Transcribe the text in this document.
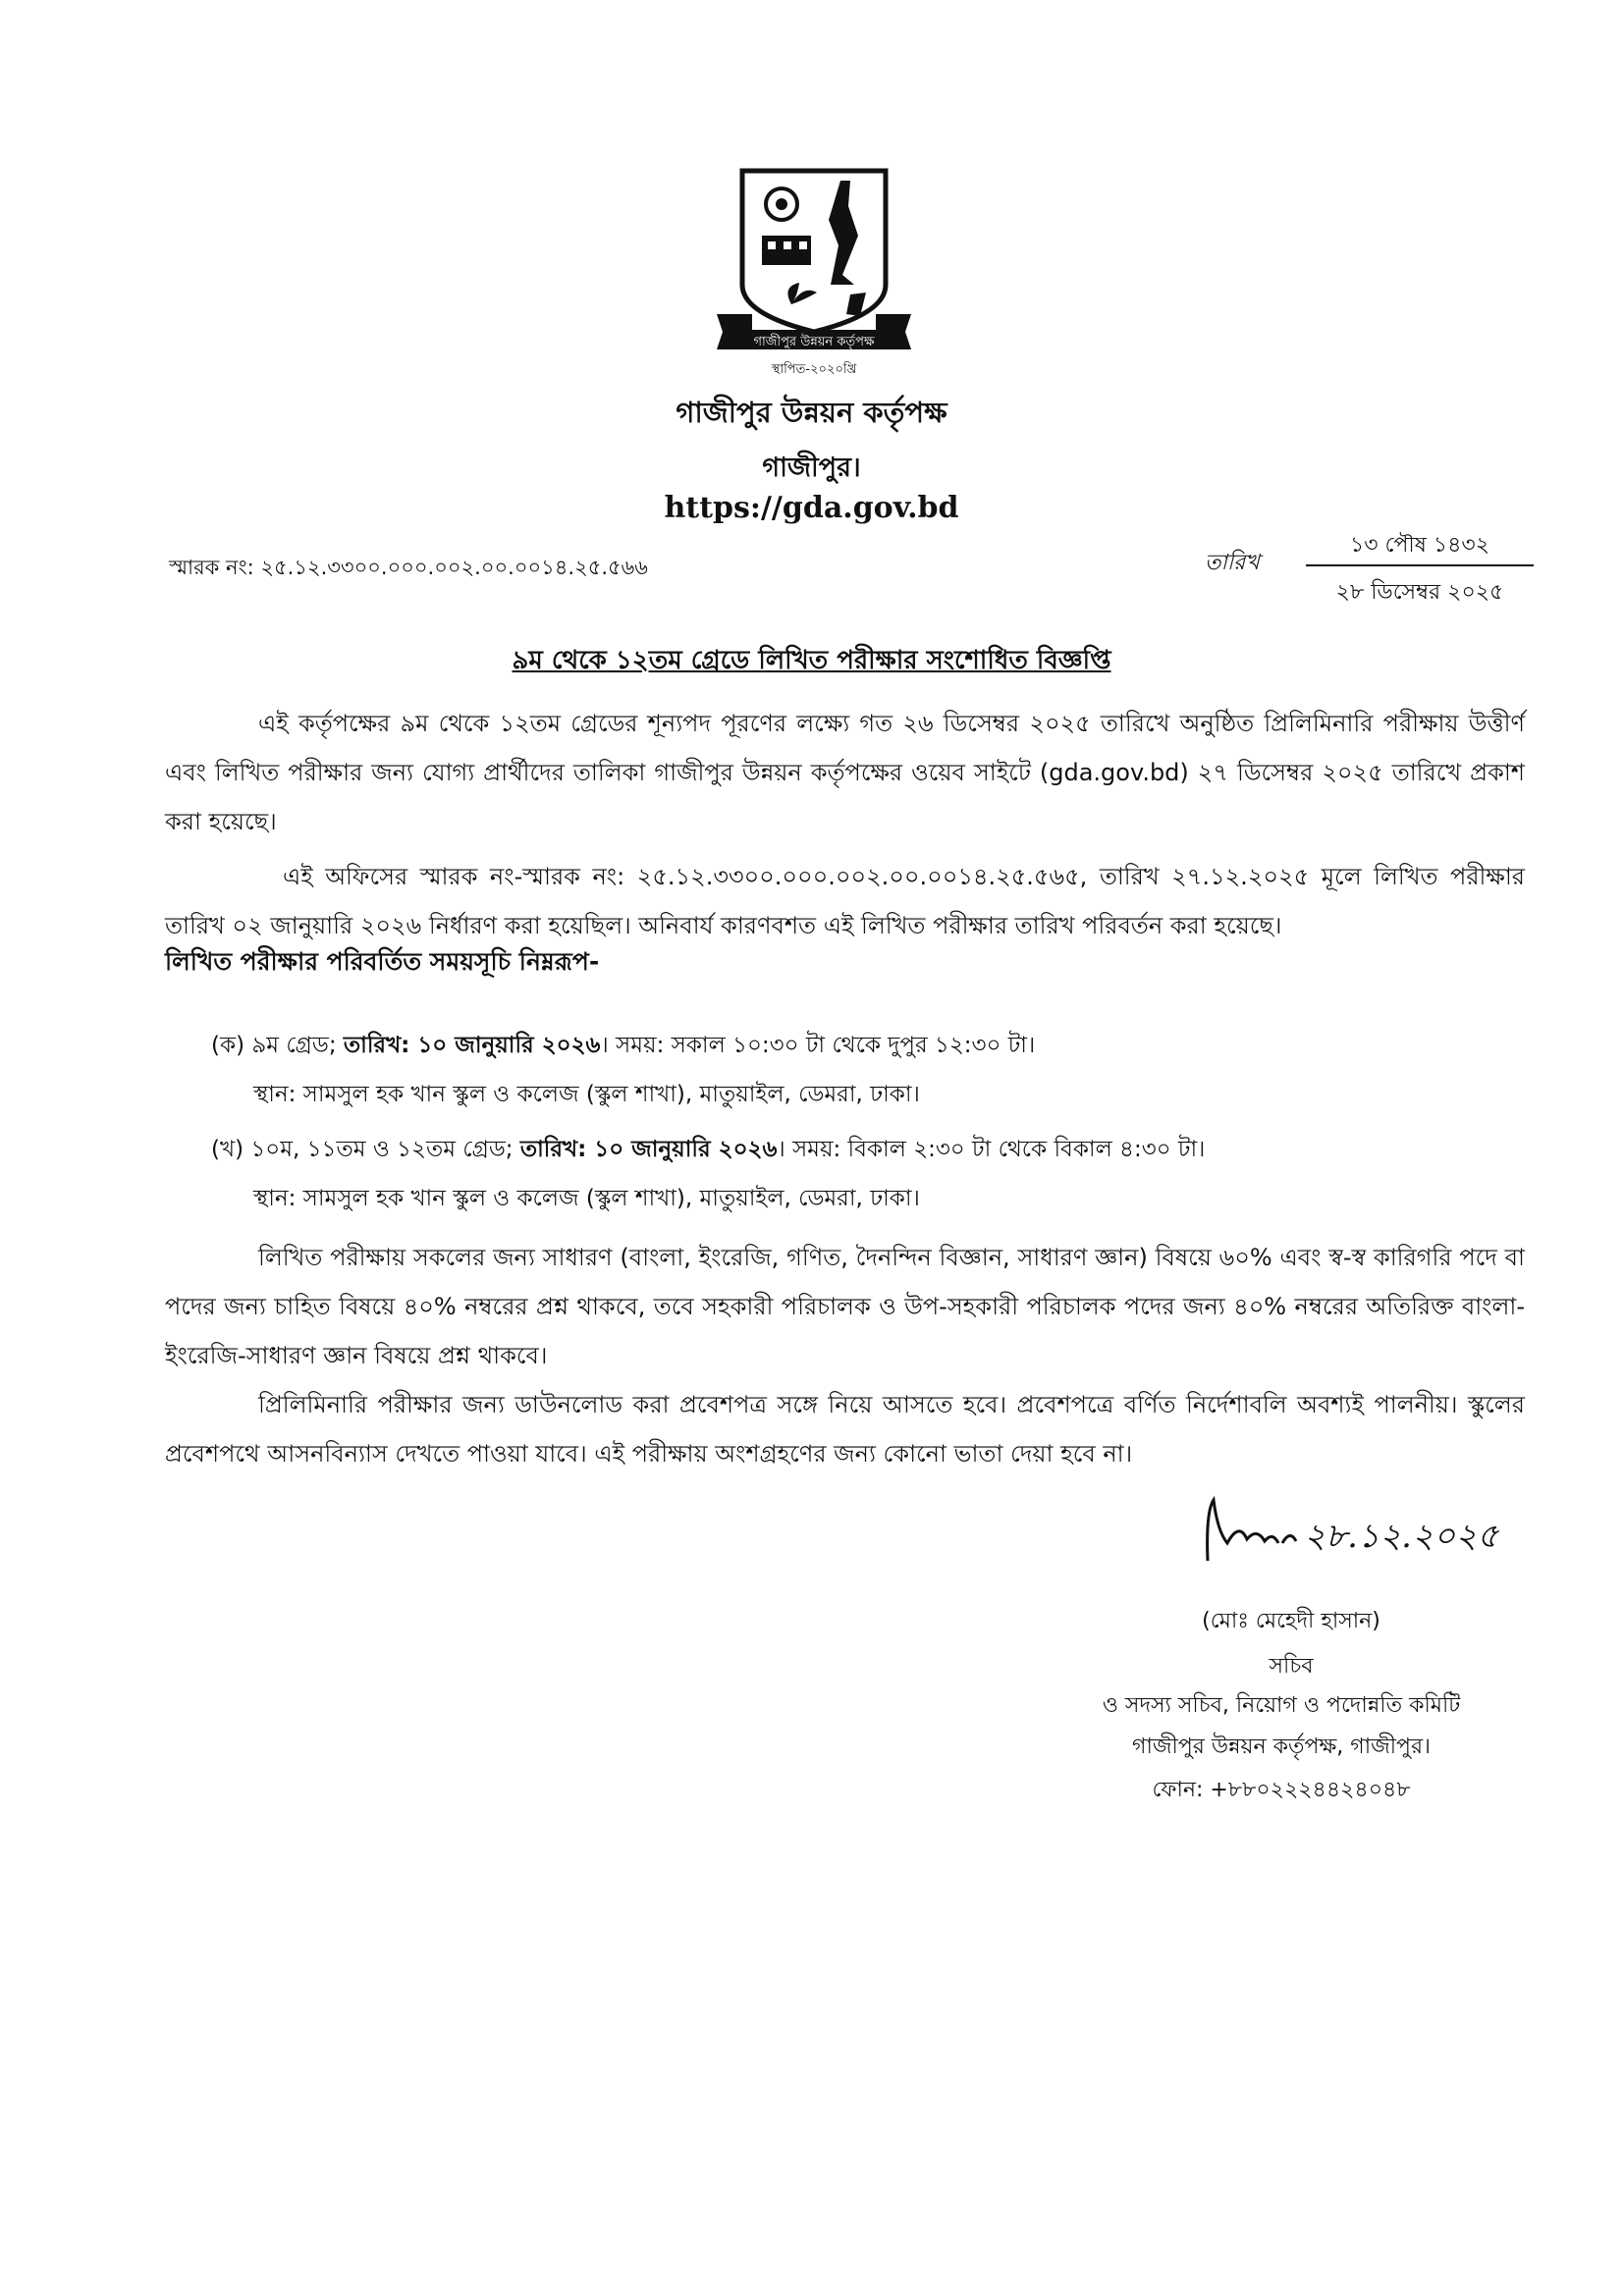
গাজীপুর উন্নয়ন কর্তৃপক্ষ
স্থাপিত-২০২০খ্রি
গাজীপুর উন্নয়ন কর্তৃপক্ষ
গাজীপুর।
https://gda.gov.bd
স্মারক নং: ২৫.১২.৩৩০০.০০০.০০২.০০.০০১৪.২৫.৫৬৬	তারিখ
১৩ পৌষ ১৪৩২
২৮ ডিসেম্বর ২০২৫
৯ম থেকে ১২তম গ্রেডে লিখিত পরীক্ষার সংশোধিত বিজ্ঞপ্তি
এই কর্তৃপক্ষের ৯ম থেকে ১২তম গ্রেডের শূন্যপদ পূরণের লক্ষ্যে গত ২৬ ডিসেম্বর ২০২৫ তারিখে অনুষ্ঠিত প্রিলিমিনারি পরীক্ষায় উত্তীর্ণ এবং লিখিত পরীক্ষার জন্য যোগ্য প্রার্থীদের তালিকা গাজীপুর উন্নয়ন কর্তৃপক্ষের ওয়েব সাইটে (gda.gov.bd) ২৭ ডিসেম্বর ২০২৫ তারিখে প্রকাশ করা হয়েছে।
এই অফিসের স্মারক নং-স্মারক নং: ২৫.১২.৩৩০০.০০০.০০২.০০.০০১৪.২৫.৫৬৫, তারিখ ২৭.১২.২০২৫ মূলে লিখিত পরীক্ষার তারিখ ০২ জানুয়ারি ২০২৬ নির্ধারণ করা হয়েছিল। অনিবার্য কারণবশত এই লিখিত পরীক্ষার তারিখ পরিবর্তন করা হয়েছে।
লিখিত পরীক্ষার পরিবর্তিত সময়সূচি নিম্নরূপ-
(ক) ৯ম গ্রেড; তারিখ: ১০ জানুয়ারি ২০২৬। সময়: সকাল ১০:৩০ টা থেকে দুপুর ১২:৩০ টা।
স্থান: সামসুল হক খান স্কুল ও কলেজ (স্কুল শাখা), মাতুয়াইল, ডেমরা, ঢাকা।
(খ) ১০ম, ১১তম ও ১২তম গ্রেড; তারিখ: ১০ জানুয়ারি ২০২৬। সময়: বিকাল ২:৩০ টা থেকে বিকাল ৪:৩০ টা।
স্থান: সামসুল হক খান স্কুল ও কলেজ (স্কুল শাখা), মাতুয়াইল, ডেমরা, ঢাকা।
লিখিত পরীক্ষায় সকলের জন্য সাধারণ (বাংলা, ইংরেজি, গণিত, দৈনন্দিন বিজ্ঞান, সাধারণ জ্ঞান) বিষয়ে ৬০% এবং স্ব-স্ব কারিগরি পদে বা পদের জন্য চাহিত বিষয়ে ৪০% নম্বরের প্রশ্ন থাকবে, তবে সহকারী পরিচালক ও উপ-সহকারী পরিচালক পদের জন্য ৪০% নম্বরের অতিরিক্ত বাংলা-ইংরেজি-সাধারণ জ্ঞান বিষয়ে প্রশ্ন থাকবে।
প্রিলিমিনারি পরীক্ষার জন্য ডাউনলোড করা প্রবেশপত্র সঙ্গে নিয়ে আসতে হবে। প্রবেশপত্রে বর্ণিত নির্দেশাবলি অবশ্যই পালনীয়। স্কুলের প্রবেশপথে আসনবিন্যাস দেখতে পাওয়া যাবে। এই পরীক্ষায় অংশগ্রহণের জন্য কোনো ভাতা দেয়া হবে না।
২৮.১২.২০২৫
(মোঃ মেহেদী হাসান)
সচিব
ও সদস্য সচিব, নিয়োগ ও পদোন্নতি কমিটি
গাজীপুর উন্নয়ন কর্তৃপক্ষ, গাজীপুর।
ফোন: +৮৮০২২২৪৪২৪০৪৮
